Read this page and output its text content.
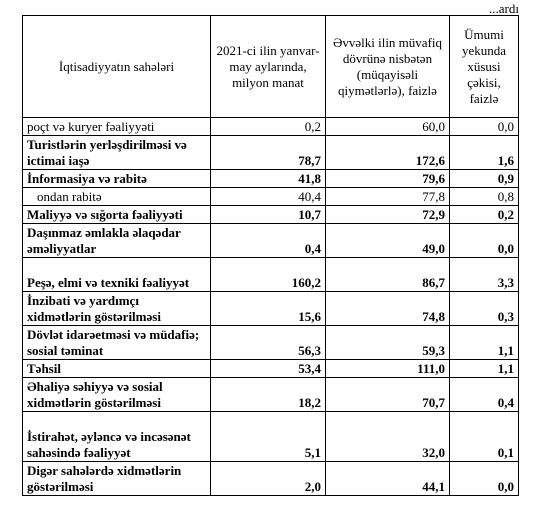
...ardı
İqtisadiyyatın sahələri	2021-ci ilin yanvar-may aylarında, milyon manat	Əvvəlki ilin müvafiq dövrünə nisbətən (müqayisəli qiymətlərlə), faizlə	Ümumi yekunda xüsusi çəkisi, faizlə
poçt və kuryer fəaliyyəti	0,2	60,0	0,0
Turistlərin yerləşdirilməsi və ictimai iaşə	78,7	172,6	1,6
İnformasiya və rabitə	41,8	79,6	0,9
ondan rabitə	40,4	77,8	0,8
Maliyyə və sığorta fəaliyyəti	10,7	72,9	0,2
Daşınmaz əmlakla əlaqədar əməliyyatlar	0,4	49,0	0,0
Peşə, elmi və texniki fəaliyyət	160,2	86,7	3,3
İnzibati və yardımçı xidmətlərin göstərilməsi	15,6	74,8	0,3
Dövlət idarəetməsi və müdafiə; sosial təminat	56,3	59,3	1,1
Təhsil	53,4	111,0	1,1
Əhaliyə səhiyyə və sosial xidmətlərin göstərilməsi	18,2	70,7	0,4
İstirahət, əyləncə və incəsənət sahəsində fəaliyyət	5,1	32,0	0,1
Digər sahələrdə xidmətlərin göstərilməsi	2,0	44,1	0,0
